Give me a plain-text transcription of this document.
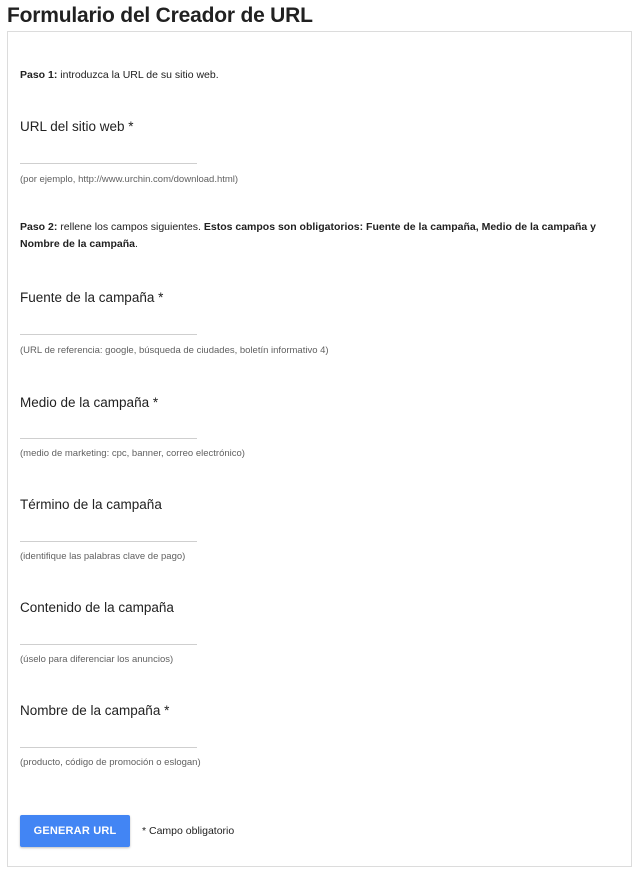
Formulario del Creador de URL
Paso 1: introduzca la URL de su sitio web.
URL del sitio web *
(por ejemplo, http://www.urchin.com/download.html)
Paso 2: rellene los campos siguientes. Estos campos son obligatorios: Fuente de la campaña, Medio de la campaña y Nombre de la campaña.
Fuente de la campaña *
(URL de referencia: google, búsqueda de ciudades, boletín informativo 4)
Medio de la campaña *
(medio de marketing: cpc, banner, correo electrónico)
Término de la campaña
(identifique las palabras clave de pago)
Contenido de la campaña
(úselo para diferenciar los anuncios)
Nombre de la campaña *
(producto, código de promoción o eslogan)
GENERAR URL	* Campo obligatorio
